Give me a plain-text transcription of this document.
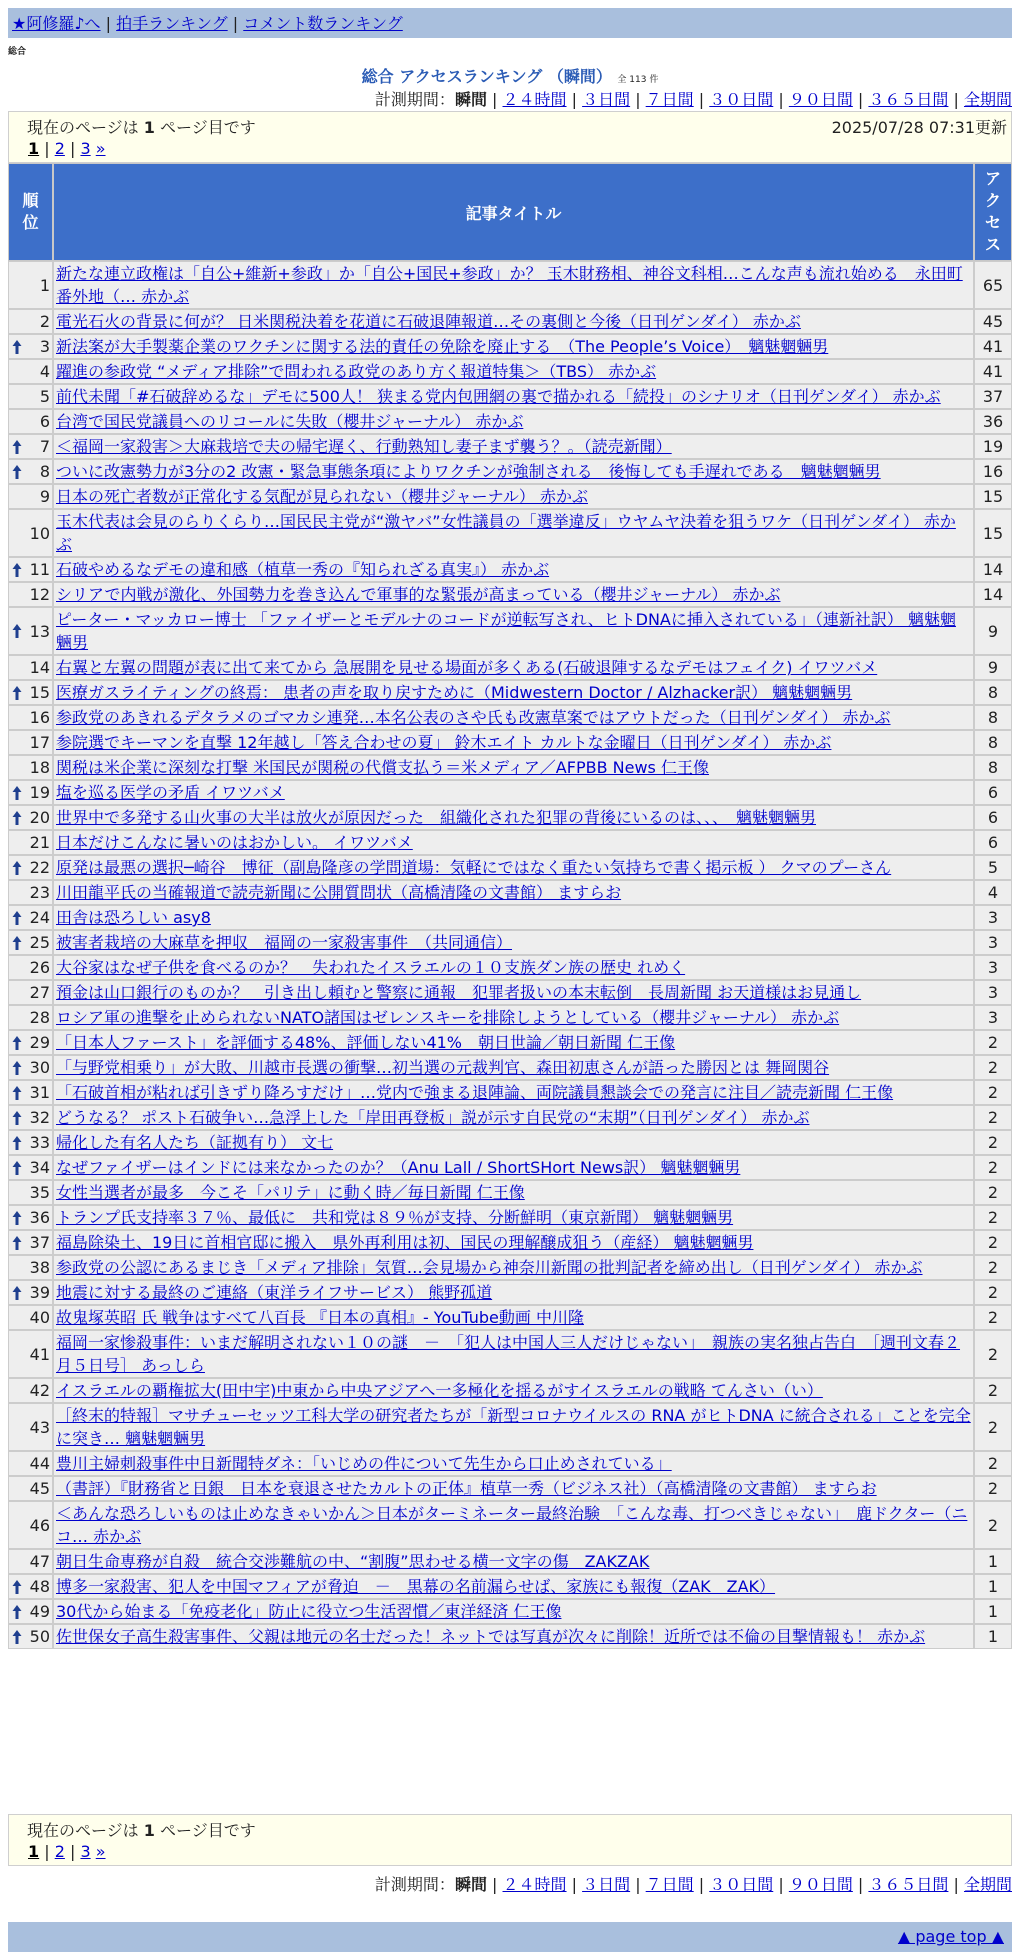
★阿修羅♪へ | 拍手ランキング | コメント数ランキング
総合
総合 アクセスランキング （瞬間） 全 113 件
計測期間：瞬間 | ２４時間 | ３日間 | ７日間 | ３０日間 | ９０日間 | ３６５日間 | 全期間
現在のページは 1 ページ目です	2025/07/28 07:31更新
1 | 2 | 3 »
順位	記事タイトル	アクセス
1	新たな連立政権は「自公+維新+参政」か「自公+国民+参政」か？ 玉木財務相、神谷文科相…こんな声も流れ始める　永田町番外地（… 赤かぶ	65
2	電光石火の背景に何が？ 日米関税決着を花道に石破退陣報道…その裏側と今後（日刊ゲンダイ） 赤かぶ	45

3	新法案が大手製薬企業のワクチンに関する法的責任の免除を廃止する　（The People’s Voice）　魑魅魍魎男	41
4	躍進の参政党 “メディア排除”で問われる政党のあり方く報道特集＞（TBS） 赤かぶ	41
5	前代未聞「#石破辞めるな」デモに500人！ 狭まる党内包囲網の裏で描かれる「続投」のシナリオ（日刊ゲンダイ） 赤かぶ	37
6	台湾で国民党議員へのリコールに失敗（櫻井ジャーナル） 赤かぶ	36

7	＜福岡一家殺害＞大麻栽培で夫の帰宅遅く、行動熟知し妻子まず襲う？。（読売新聞）	19

8	ついに改憲勢力が3分の2 改憲・緊急事態条項によりワクチンが強制される　後悔しても手遅れである　魑魅魍魎男	16
9	日本の死亡者数が正常化する気配が見られない（櫻井ジャーナル） 赤かぶ	15
10	玉木代表は会見のらりくらり…国民民主党が“激ヤバ”女性議員の「選挙違反」ウヤムヤ決着を狙うワケ（日刊ゲンダイ） 赤かぶ	15

11	石破やめるなデモの違和感（植草一秀の『知られざる真実』） 赤かぶ	14
12	シリアで内戦が激化、外国勢力を巻き込んで軍事的な緊張が高まっている（櫻井ジャーナル） 赤かぶ	14

13	ピーター・マッカロー博士 「ファイザーとモデルナのコードが逆転写され、ヒトDNAに挿入されている」（連新社訳） 魑魅魍魎男	9
14	右翼と左翼の問題が表に出て来てから 急展開を見せる場面が多くある(石破退陣するなデモはフェイク) イワツバメ	9

15	医療ガスライティングの終焉： 患者の声を取り戻すために（Midwestern Doctor / Alzhacker訳） 魑魅魍魎男	8
16	参政党のあきれるデタラメのゴマカシ連発…本名公表のさや氏も改憲草案ではアウトだった（日刊ゲンダイ） 赤かぶ	8
17	参院選でキーマンを直撃 12年越し「答え合わせの夏」 鈴木エイト カルトな金曜日（日刊ゲンダイ） 赤かぶ	8
18	関税は米企業に深刻な打撃 米国民が関税の代償支払う＝米メディア／AFPBB News 仁王像	8

19	塩を巡る医学の矛盾 イワツバメ	6

20	世界中で多発する山火事の大半は放火が原因だった　組織化された犯罪の背後にいるのは、、、　魑魅魍魎男	6
21	日本だけこんなに暑いのはおかしい。 イワツバメ	6

22	原発は最悪の選択─崎谷　博征（副島隆彦の学問道場：気軽にではなく重たい気持ちで書く掲示板 ） クマのプーさん	5
23	川田龍平氏の当確報道で読売新聞に公開質問状（高橋清隆の文書館） ますらお	4

24	田舎は恐ろしい asy8	3

25	被害者栽培の大麻草を押収　福岡の一家殺害事件　（共同通信）	3
26	大谷家はなぜ子供を食べるのか？　失われたイスラエルの１０支族ダン族の歴史 れめく	3
27	預金は山口銀行のものか？　引き出し頼むと警察に通報　犯罪者扱いの本末転倒　長周新聞 お天道様はお見通し	3
28	ロシア軍の進撃を止められないNATO諸国はゼレンスキーを排除しようとしている（櫻井ジャーナル） 赤かぶ	3

29	「日本人ファースト」を評価する48%、評価しない41%　朝日世論／朝日新聞 仁王像	2

30	「与野党相乗り」が大敗、川越市長選の衝撃…初当選の元裁判官、森田初恵さんが語った勝因とは 舞岡関谷	2

31	「石破首相が粘れば引きずり降ろすだけ」…党内で強まる退陣論、両院議員懇談会での発言に注目／読売新聞 仁王像	2

32	どうなる？ ポスト石破争い…急浮上した「岸田再登板」説が示す自民党の“末期”（日刊ゲンダイ） 赤かぶ	2

33	帰化した有名人たち（証拠有り） 文七	2

34	なぜファイザーはインドには来なかったのか？（Anu Lall / ShortSHort News訳） 魑魅魍魎男	2
35	女性当選者が最多　今こそ「パリテ」に動く時／毎日新聞 仁王像	2

36	トランプ氏支持率３７％、最低に　共和党は８９％が支持、分断鮮明（東京新聞） 魑魅魍魎男	2

37	福島除染土、19日に首相官邸に搬入　県外再利用は初、国民の理解醸成狙う（産経） 魑魅魍魎男	2
38	参政党の公認にあるまじき「メディア排除」気質…会見場から神奈川新聞の批判記者を締め出し（日刊ゲンダイ） 赤かぶ	2

39	地震に対する最終のご連絡（東洋ライフサービス） 熊野孤道	2
40	故鬼塚英昭 氏 戦争はすべて八百長 『日本の真相』- YouTube動画 中川隆	2
41	福岡一家惨殺事件：いまだ解明されない１０の謎　－　「犯人は中国人三人だけじゃない」　親族の実名独占告白　［週刊文春２月５日号］ あっしら	2
42	イスラエルの覇権拡大(田中宇)中東から中央アジアへ一多極化を揺るがすイスラエルの戦略 てんさい（い）	2
43	［終末的特報］マサチューセッツ工科大学の研究者たちが「新型コロナウイルスの RNA がヒトDNA に統合される」ことを完全に突き… 魑魅魍魎男	2
44	豊川主婦刺殺事件中日新聞特ダネ：「いじめの件について先生から口止めされている」	2
45	（書評）『財務省と日銀　日本を衰退させたカルトの正体』植草一秀（ビジネス社）（高橋清隆の文書館） ますらお	2
46	＜あんな恐ろしいものは止めなきゃいかん＞日本がターミネーター最終治験　「こんな毒、打つべきじゃない」　鹿ドクター（ニコ… 赤かぶ	2
47	朝日生命専務が自殺　統合交渉難航の中、“割腹”思わせる横一文字の傷　ZAKZAK	1

48	博多一家殺害、犯人を中国マフィアが脅迫　－　黒幕の名前漏らせば、家族にも報復（ZAK　ZAK）	1

49	30代から始まる「免疫老化」防止に役立つ生活習慣／東洋経済 仁王像	1

50	佐世保女子高生殺害事件、父親は地元の名士だった！ネットでは写真が次々に削除！近所では不倫の目撃情報も！ 赤かぶ	1
現在のページは 1 ページ目です
1 | 2 | 3 »
計測期間：瞬間 | ２４時間 | ３日間 | ７日間 | ３０日間 | ９０日間 | ３６５日間 | 全期間
▲ page top ▲
